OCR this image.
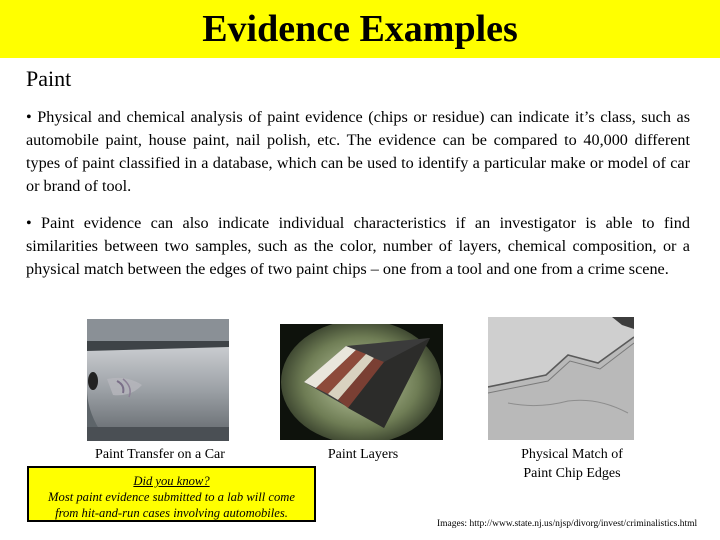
Evidence Examples
Paint
• Physical and chemical analysis of paint evidence (chips or residue) can indicate it’s class, such as automobile paint, house paint, nail polish, etc. The evidence can be compared to 40,000 different types of paint classified in a database, which can be used to identify a particular make or model of car or brand of tool.
• Paint evidence can also indicate individual characteristics if an investigator is able to find similarities between two samples, such as the color, number of layers, chemical composition, or a physical match between the edges of two paint chips – one from a tool and one from a crime scene.
Paint Transfer on a Car	Paint Layers	Physical Match of
Paint Chip Edges
Did you know?
Most paint evidence submitted to a lab will come
from hit-and-run cases involving automobiles.
Images: http://www.state.nj.us/njsp/divorg/invest/criminalistics.html
